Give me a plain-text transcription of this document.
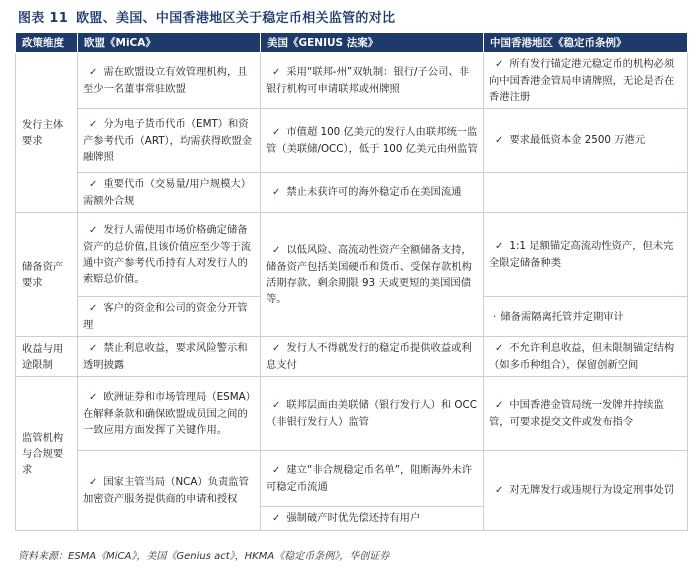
图表 11 欧盟、美国、中国香港地区关于稳定币相关监管的对比
政策维度	欧盟《MiCA》	美国《GENIUS 法案》	中国香港地区《稳定币条例》
发行主体要求	✓ 需在欧盟设立有效管理机构，且至少一名董事常驻欧盟	✓ 采用“联邦-州”双轨制：银行/子公司、非银行机构可申请联邦或州牌照	✓ 所有发行锚定港元稳定币的机构必须向中国香港金管局申请牌照，无论是否在香港注册
	✓ 分为电子货币代币（EMT）和资产参考代币（ART），均需获得欧盟金融牌照	✓ 市值超 100 亿美元的发行人由联邦统一监管（美联储/OCC），低于 100 亿美元由州监管	✓ 要求最低资本金 2500 万港元
	✓ 重要代币（交易量/用户规模大）需额外合规	✓ 禁止未获许可的海外稳定币在美国流通	
储备资产要求	✓ 发行人需使用市场价格确定储备资产的总价值,且该价值应至少等于流通中资产参考代币持有人对发行人的索赔总价值。	✓ 以低风险、高流动性资产全额储备支持，储备资产包括美国硬币和货币、受保存款机构活期存款、剩余期限 93 天或更短的美国国债等。	✓ 1:1 足额锚定高流动性资产，但未完全限定储备种类
	✓ 客户的资金和公司的资金分开管理		· 储备需隔离托管并定期审计
收益与用途限制	✓ 禁止利息收益，要求风险警示和透明披露	✓ 发行人不得就发行的稳定币提供收益或利息支付	✓ 不允许利息收益，但未限制锚定结构（如多币种组合），保留创新空间
监管机构与合规要求	✓ 欧洲证券和市场管理局（ESMA）在解释条款和确保欧盟成员国之间的一致应用方面发挥了关键作用。	✓ 联邦层面由美联储（银行发行人）和 OCC（非银行发行人）监管	✓ 中国香港金管局统一发牌并持续监管，可要求提交文件或发布指令
	✓ 国家主管当局（NCA）负责监管加密资产服务提供商的申请和授权	✓ 建立“非合规稳定币名单”，阻断海外未许可稳定币流通	✓ 对无牌发行或违规行为设定刑事处罚
		✓ 强制破产时优先偿还持有用户	
资料来源：ESMA《MiCA》，美国《Genius act》，HKMA《稳定币条例》，华创证券
